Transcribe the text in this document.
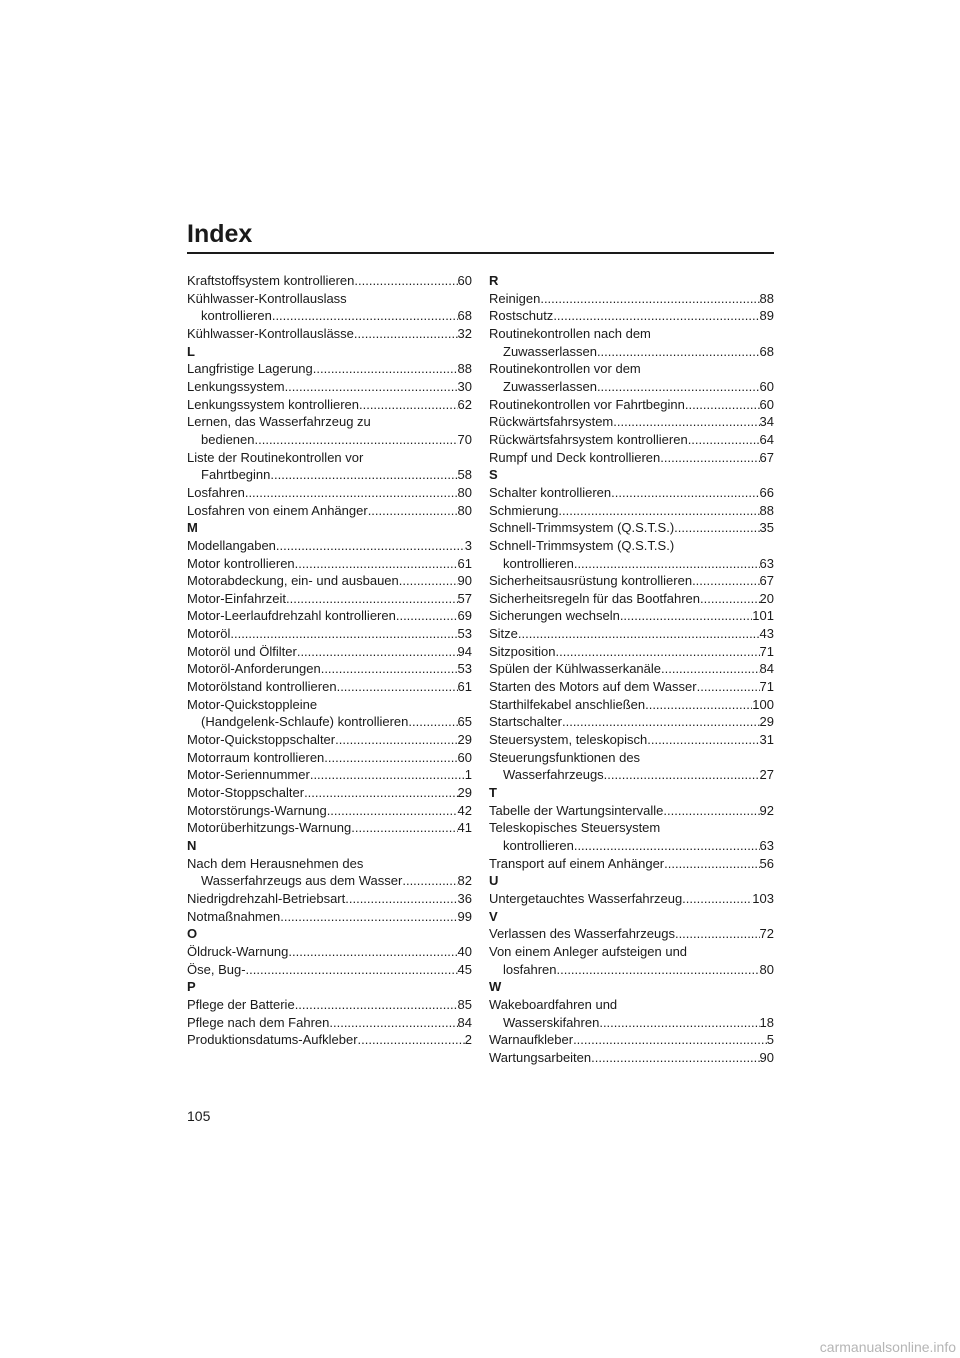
Index
Kraftstoffsystem kontrollieren .....	60
Kühlwasser-Kontrollauslass
kontrollieren .....	68
Kühlwasser-Kontrollauslässe .....	32
L
Langfristige Lagerung .....	88
Lenkungssystem .....	30
Lenkungssystem kontrollieren .....	62
Lernen, das Wasserfahrzeug zu
bedienen .....	70
Liste der Routinekontrollen vor
Fahrtbeginn .....	58
Losfahren .....	80
Losfahren von einem Anhänger .....	80
M
Modellangaben .....	3
Motor kontrollieren .....	61
Motorabdeckung, ein- und ausbauen .....	90
Motor-Einfahrzeit .....	57
Motor-Leerlaufdrehzahl kontrollieren .....	69
Motoröl .....	53
Motoröl und Ölfilter .....	94
Motoröl-Anforderungen .....	53
Motorölstand kontrollieren .....	61
Motor-Quickstoppleine
(Handgelenk-Schlaufe) kontrollieren .....	65
Motor-Quickstoppschalter .....	29
Motorraum kontrollieren .....	60
Motor-Seriennummer .....	1
Motor-Stoppschalter .....	29
Motorstörungs-Warnung .....	42
Motorüberhitzungs-Warnung .....	41
N
Nach dem Herausnehmen des
Wasserfahrzeugs aus dem Wasser .....	82
Niedrigdrehzahl-Betriebsart .....	36
Notmaßnahmen .....	99
O
Öldruck-Warnung .....	40
Öse, Bug- .....	45
P
Pflege der Batterie .....	85
Pflege nach dem Fahren .....	84
Produktionsdatums-Aufkleber .....	2
R
Reinigen .....	88
Rostschutz .....	89
Routinekontrollen nach dem
Zuwasserlassen .....	68
Routinekontrollen vor dem
Zuwasserlassen .....	60
Routinekontrollen vor Fahrtbeginn .....	60
Rückwärtsfahrsystem .....	34
Rückwärtsfahrsystem kontrollieren .....	64
Rumpf und Deck kontrollieren .....	67
S
Schalter kontrollieren .....	66
Schmierung .....	88
Schnell-Trimmsystem (Q.S.T.S.) .....	35
Schnell-Trimmsystem (Q.S.T.S.)
kontrollieren .....	63
Sicherheitsausrüstung kontrollieren .....	67
Sicherheitsregeln für das Bootfahren .....	20
Sicherungen wechseln .....	101
Sitze .....	43
Sitzposition .....	71
Spülen der Kühlwasserkanäle .....	84
Starten des Motors auf dem Wasser .....	71
Starthilfekabel anschließen .....	100
Startschalter .....	29
Steuersystem, teleskopisch .....	31
Steuerungsfunktionen des
Wasserfahrzeugs .....	27
T
Tabelle der Wartungsintervalle .....	92
Teleskopisches Steuersystem
kontrollieren .....	63
Transport auf einem Anhänger .....	56
U
Untergetauchtes Wasserfahrzeug .....	103
V
Verlassen des Wasserfahrzeugs .....	72
Von einem Anleger aufsteigen und
losfahren .....	80
W
Wakeboardfahren und
Wasserskifahren .....	18
Warnaufkleber .....	5
Wartungsarbeiten .....	90
105
carmanualsonline.info
